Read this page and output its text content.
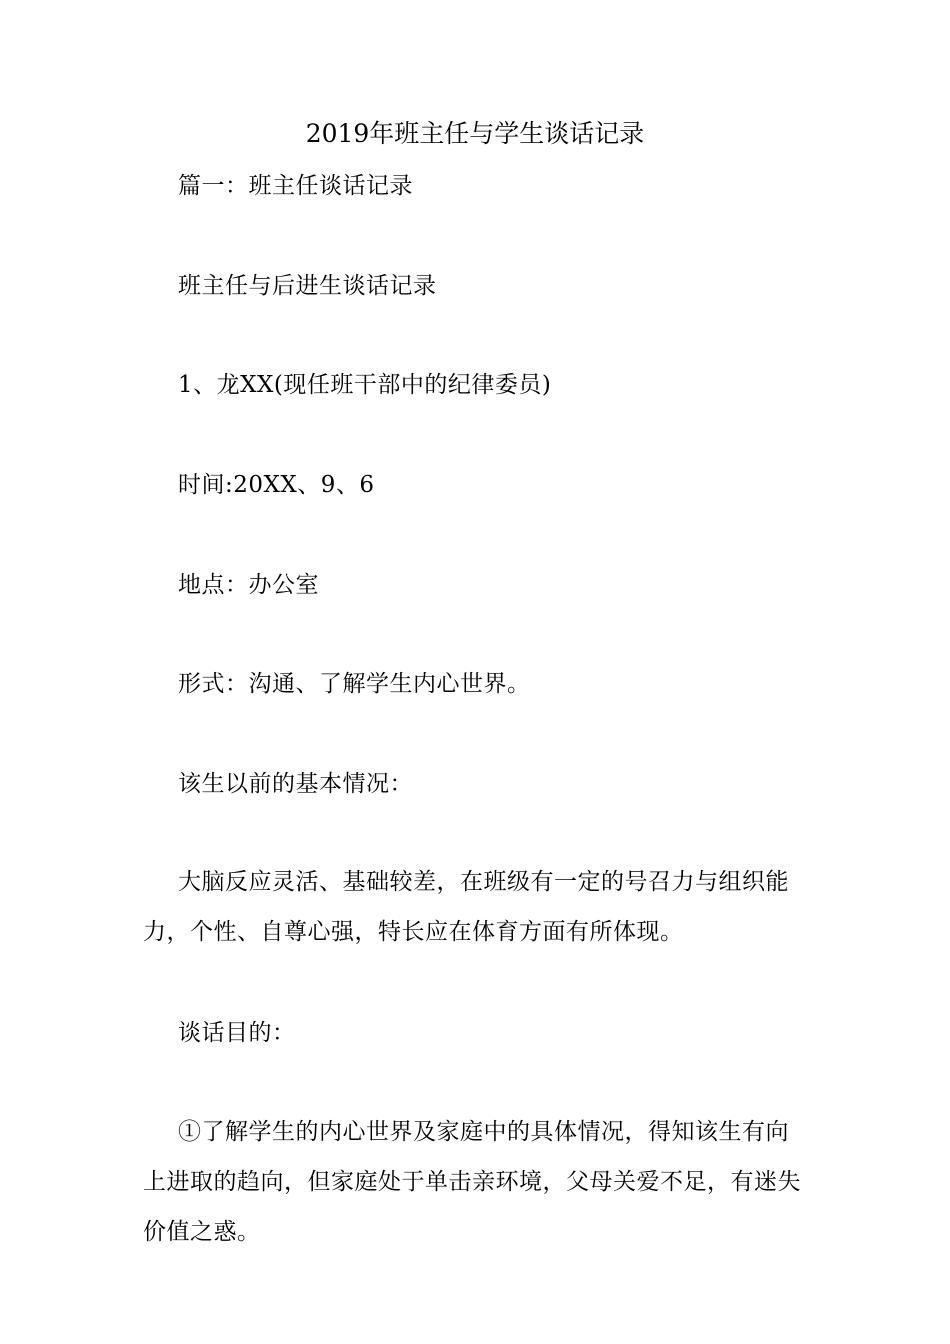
2019年班主任与学生谈话记录
篇一：班主任谈话记录
班主任与后进生谈话记录
1、龙XX(现任班干部中的纪律委员)
时间:20XX、9、6
地点：办公室
形式：沟通、了解学生内心世界。
该生以前的基本情况：
大脑反应灵活、基础较差，在班级有一定的号召力与组织能力，个性、自尊心强，特长应在体育方面有所体现。
谈话目的：
①了解学生的内心世界及家庭中的具体情况，得知该生有向上进取的趋向，但家庭处于单击亲环境，父母关爱不足，有迷失价值之惑。
